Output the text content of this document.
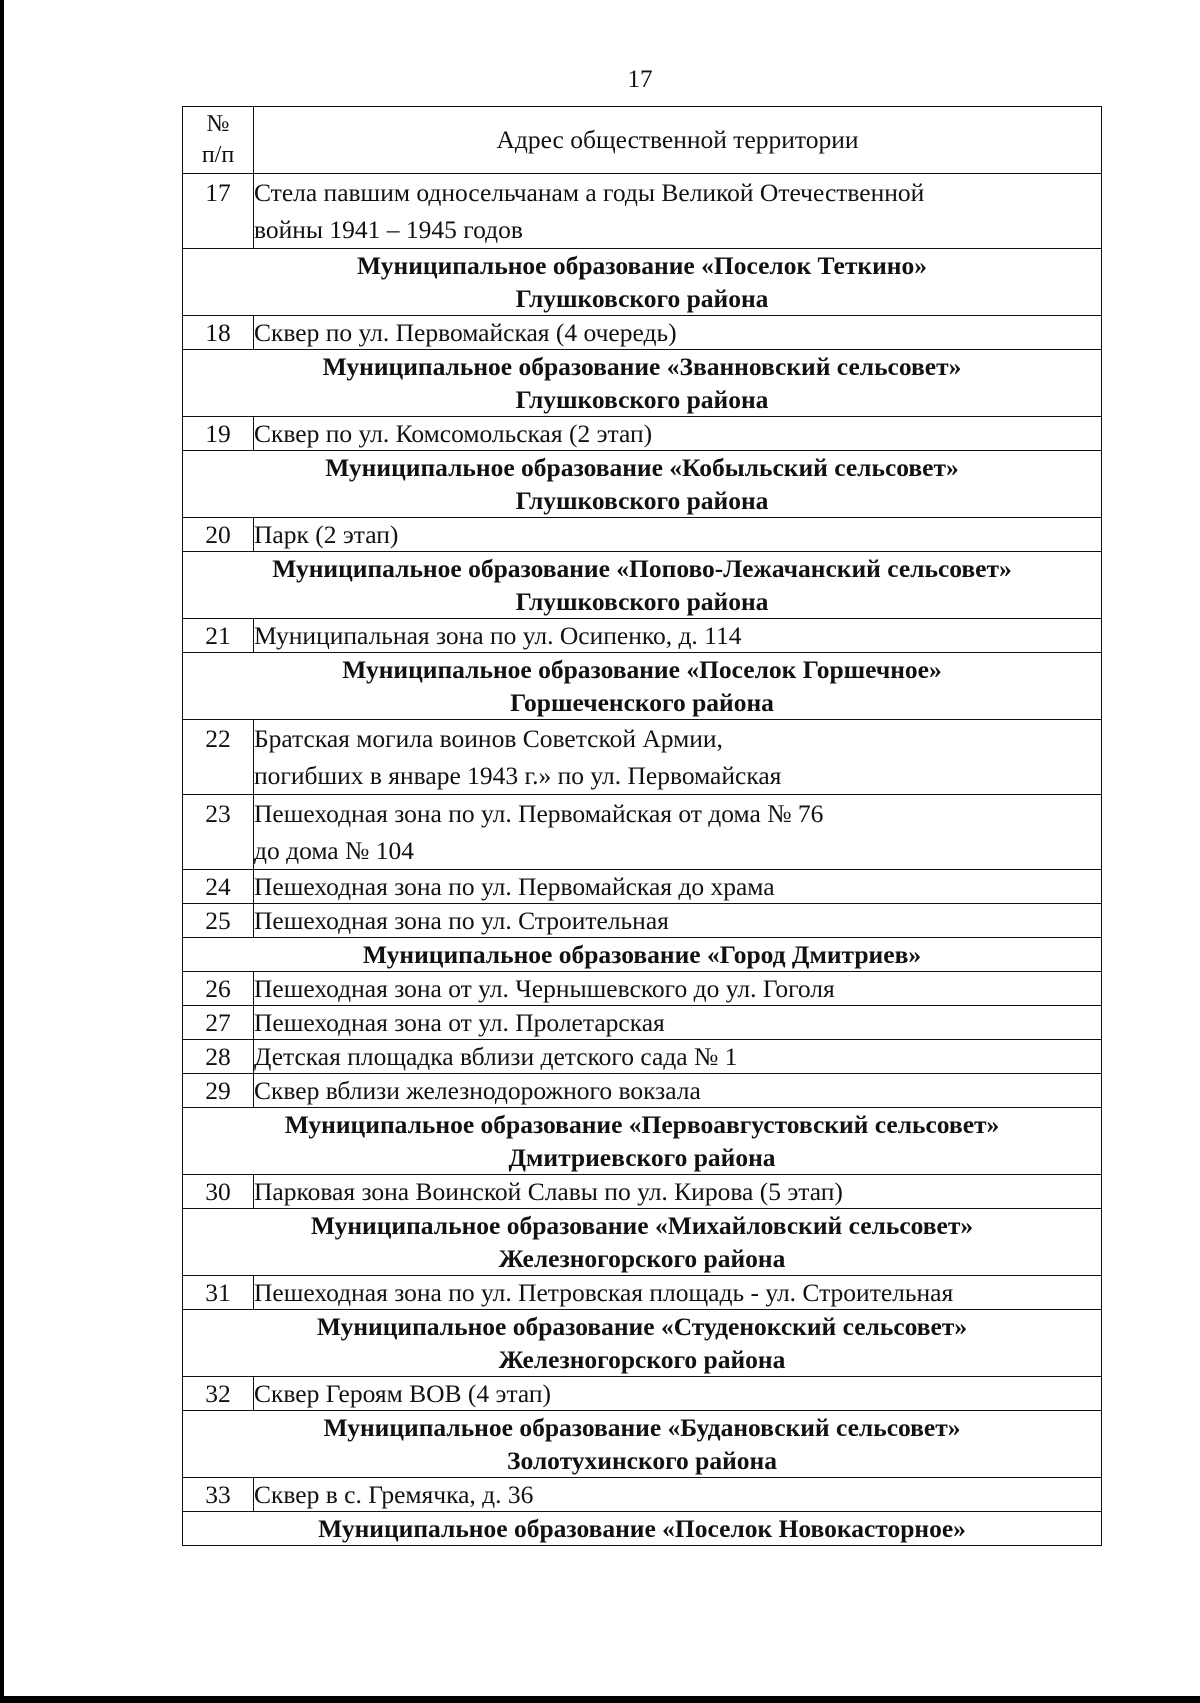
17
№
п/п	Адрес общественной территории
17	Стела павшим односельчанам а годы Великой Отечественной
войны 1941 – 1945 годов

Муниципальное образование «Поселок Теткино»
Глушковского района	

18	Сквер по ул. Первомайская (4 очередь)

Муниципальное образование «Званновский сельсовет»
Глушковского района	

19	Сквер по ул. Комсомольская (2 этап)

Муниципальное образование «Кобыльский сельсовет»
Глушковского района	

20	Парк (2 этап)

Муниципальное образование «Попово-Лежачанский сельсовет»
Глушковского района	

21	Муниципальная зона по ул. Осипенко, д. 114

Муниципальное образование «Поселок Горшечное»
Горшеченского района	

22	Братская могила воинов Советской Армии,
погибших в январе 1943 г.» по ул. Первомайская

23	Пешеходная зона по ул. Первомайская от дома № 76
до дома № 104

24	Пешеходная зона по ул. Первомайская до храма
25	Пешеходная зона по ул. Строительная

Муниципальное образование «Город Дмитриев»	

26	Пешеходная зона от ул. Чернышевского до ул. Гоголя
27	Пешеходная зона от ул. Пролетарская
28	Детская площадка вблизи детского сада № 1
29	Сквер вблизи железнодорожного вокзала

Муниципальное образование «Первоавгустовский сельсовет»
Дмитриевского района	

30	Парковая зона Воинской Славы по ул. Кирова (5 этап)

Муниципальное образование «Михайловский сельсовет»
Железногорского района	

31	Пешеходная зона по ул. Петровская площадь - ул. Строительная

Муниципальное образование «Студенокский сельсовет»
Железногорского района	

32	Сквер Героям ВОВ (4 этап)

Муниципальное образование «Будановский сельсовет»
Золотухинского района	

33	Сквер в с. Гремячка, д. 36

Муниципальное образование «Поселок Новокасторное»	
